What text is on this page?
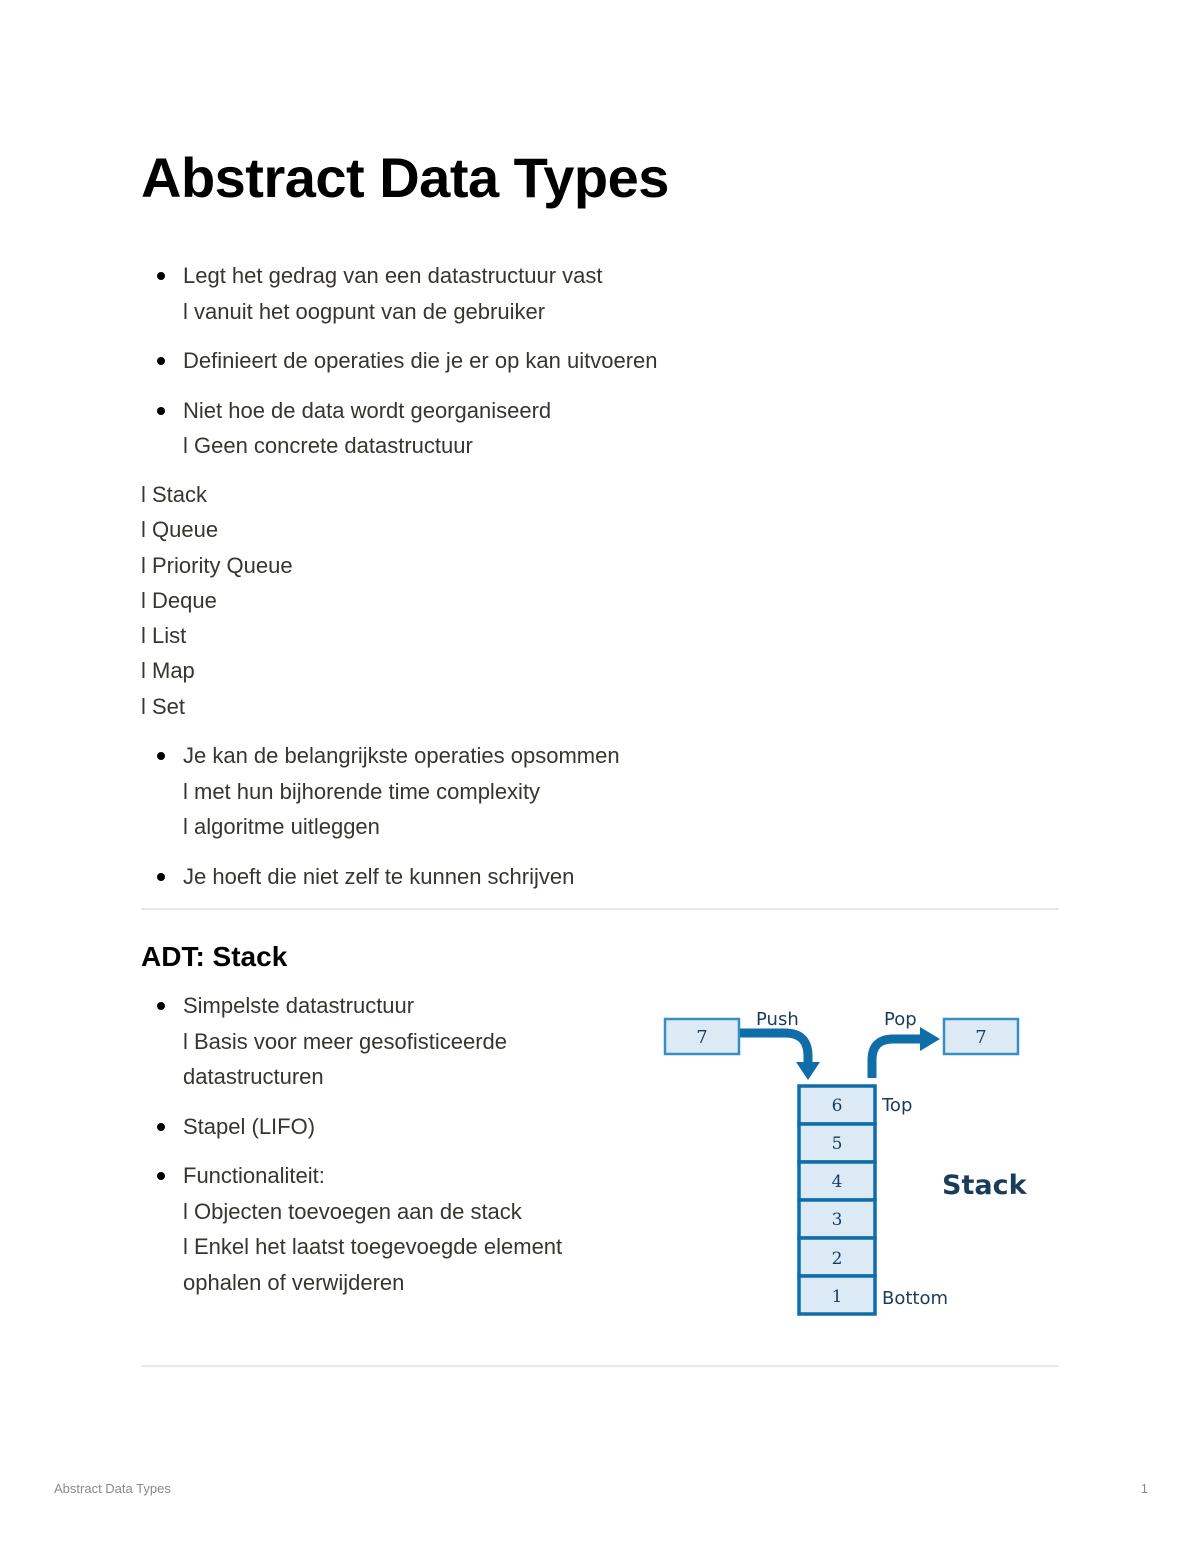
Abstract Data Types
Legt het gedrag van een datastructuur vast
l vanuit het oogpunt van de gebruiker
Definieert de operaties die je er op kan uitvoeren
Niet hoe de data wordt georganiseerd
l Geen concrete datastructuur
l Stack
l Queue
l Priority Queue
l Deque
l List
l Map
l Set
Je kan de belangrijkste operaties opsommen
l met hun bijhorende time complexity
l algoritme uitleggen
Je hoeft die niet zelf te kunnen schrijven
ADT: Stack
Simpelste datastructuur
l Basis voor meer gesofisticeerde datastructuren
Stapel (LIFO)
Functionaliteit:
l Objecten toevoegen aan de stack
l Enkel het laatst toegevoegde element
ophalen of verwijderen
7
Push	Pop
7
6
5
4
3
2
1
Top
Bottom
Stack
Abstract Data Types	1
